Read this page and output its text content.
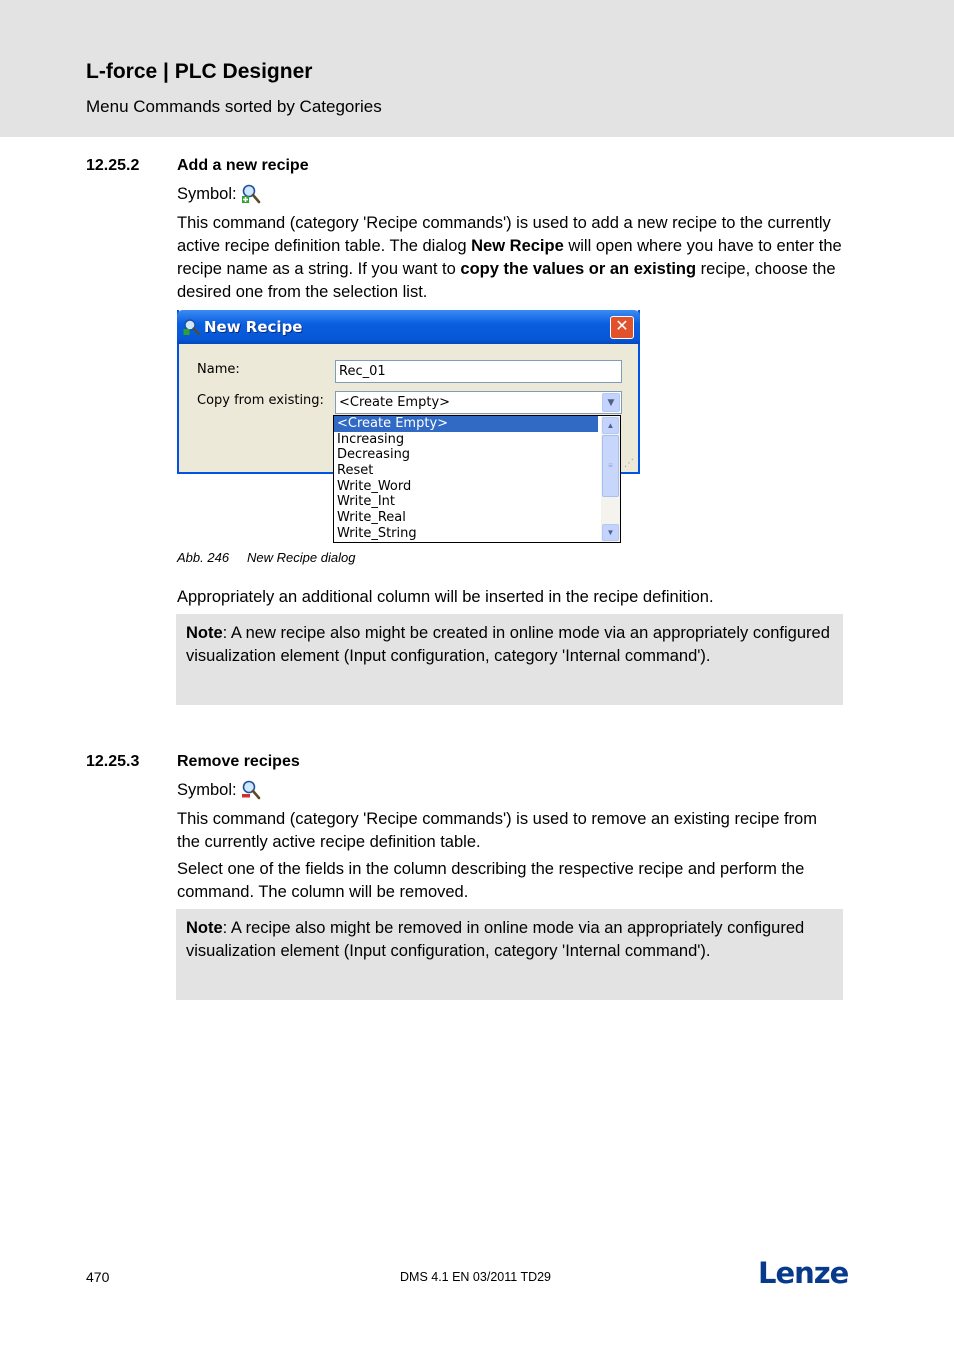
L-force | PLC Designer
Menu Commands sorted by Categories
12.25.2 Add a new recipe
Symbol:
This command (category 'Recipe commands') is used to add a new recipe to the currently active recipe definition table. The dialog New Recipe will open where you have to enter the recipe name as a string. If you want to copy the values or an existing recipe, choose the desired one from the selection list.
New Recipe	✕
Name:	Rec_01
Copy from existing:	<Create Empty>	▼
⋰
<Create Empty>
Increasing
Decreasing
Reset
Write_Word
Write_Int
Write_Real
Write_String
▲
≡
▼
Abb. 246 New Recipe dialog
Appropriately an additional column will be inserted in the recipe definition.
Note: A new recipe also might be created in online mode via an appropriately configured visualization element (Input configuration, category 'Internal command').
12.25.3 Remove recipes
Symbol:
This command (category 'Recipe commands') is used to remove an existing recipe from the currently active recipe definition table.
Select one of the fields in the column describing the respective recipe and perform the command. The column will be removed.
Note: A recipe also might be removed in online mode via an appropriately configured visualization element (Input configuration, category 'Internal command').
470	DMS 4.1 EN 03/2011 TD29	Lenze
